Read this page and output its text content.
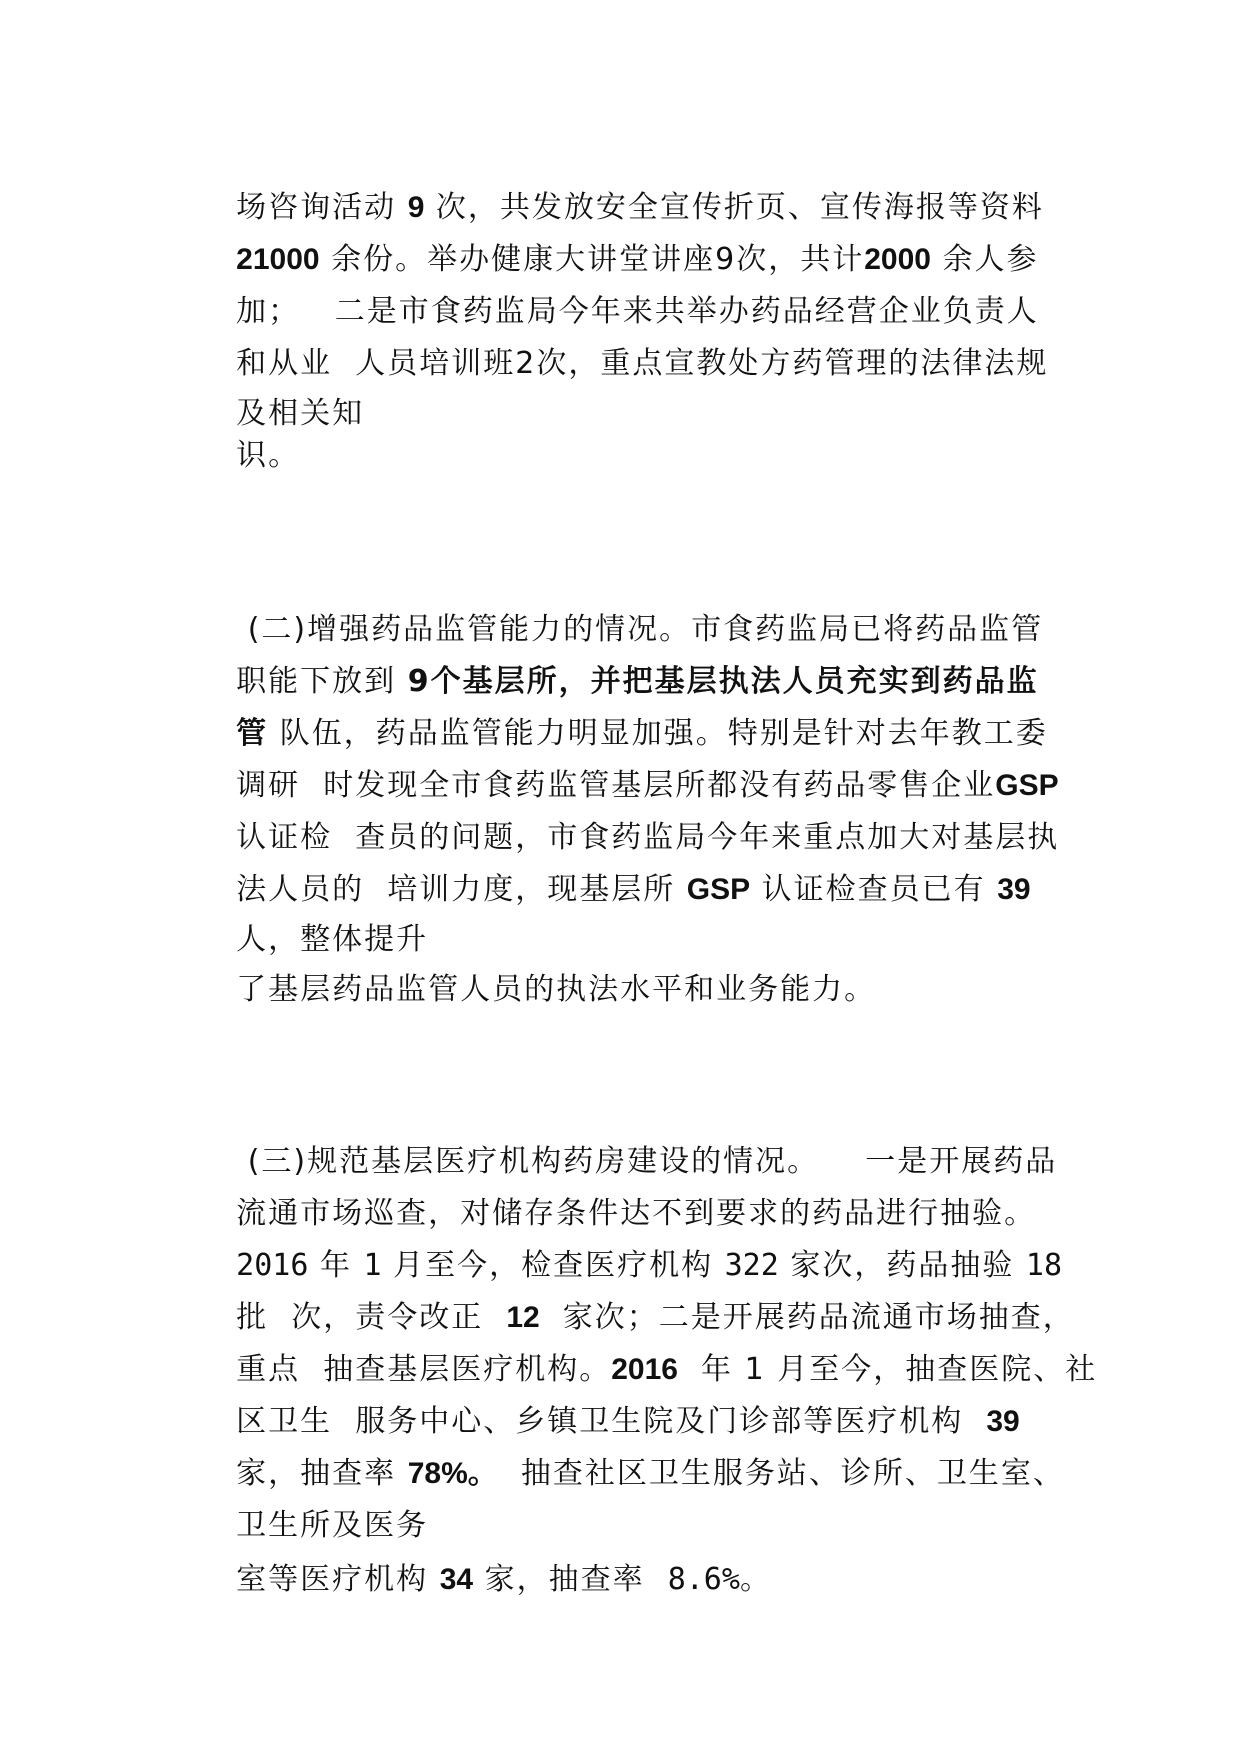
场咨询活动 9 次，共发放安全宣传折页、宣传海报等资料

21000 余份。举办健康大讲堂讲座9次，共计2000 余人参

加；   二是市食药监局今年来共举办药品经营企业负责人

和从业  人员培训班2次，重点宣教处方药管理的法律法规

及相关知

识。

(二)增强药品监管能力的情况。市食药监局已将药品监管

职能下放到 9个基层所，并把基层执法人员充实到药品监

管 队伍，药品监管能力明显加强。特别是针对去年教工委

调研  时发现全市食药监管基层所都没有药品零售企业GSP

认证检  查员的问题，市食药监局今年来重点加大对基层执

法人员的  培训力度，现基层所 GSP 认证检查员已有 39

人，整体提升

了基层药品监管人员的执法水平和业务能力。

(三)规范基层医疗机构药房建设的情况。    一是开展药品

流通市场巡查，对储存条件达不到要求的药品进行抽验。

2016 年 1 月至今，检查医疗机构 322 家次，药品抽验 18

批  次，责令改正  12  家次；二是开展药品流通市场抽查，

重点  抽查基层医疗机构。2016  年 1 月至今，抽查医院、社

区卫生  服务中心、乡镇卫生院及门诊部等医疗机构  39

家，抽查率 78%。  抽查社区卫生服务站、诊所、卫生室、

卫生所及医务

室等医疗机构 34 家，抽查率  8.6%。
